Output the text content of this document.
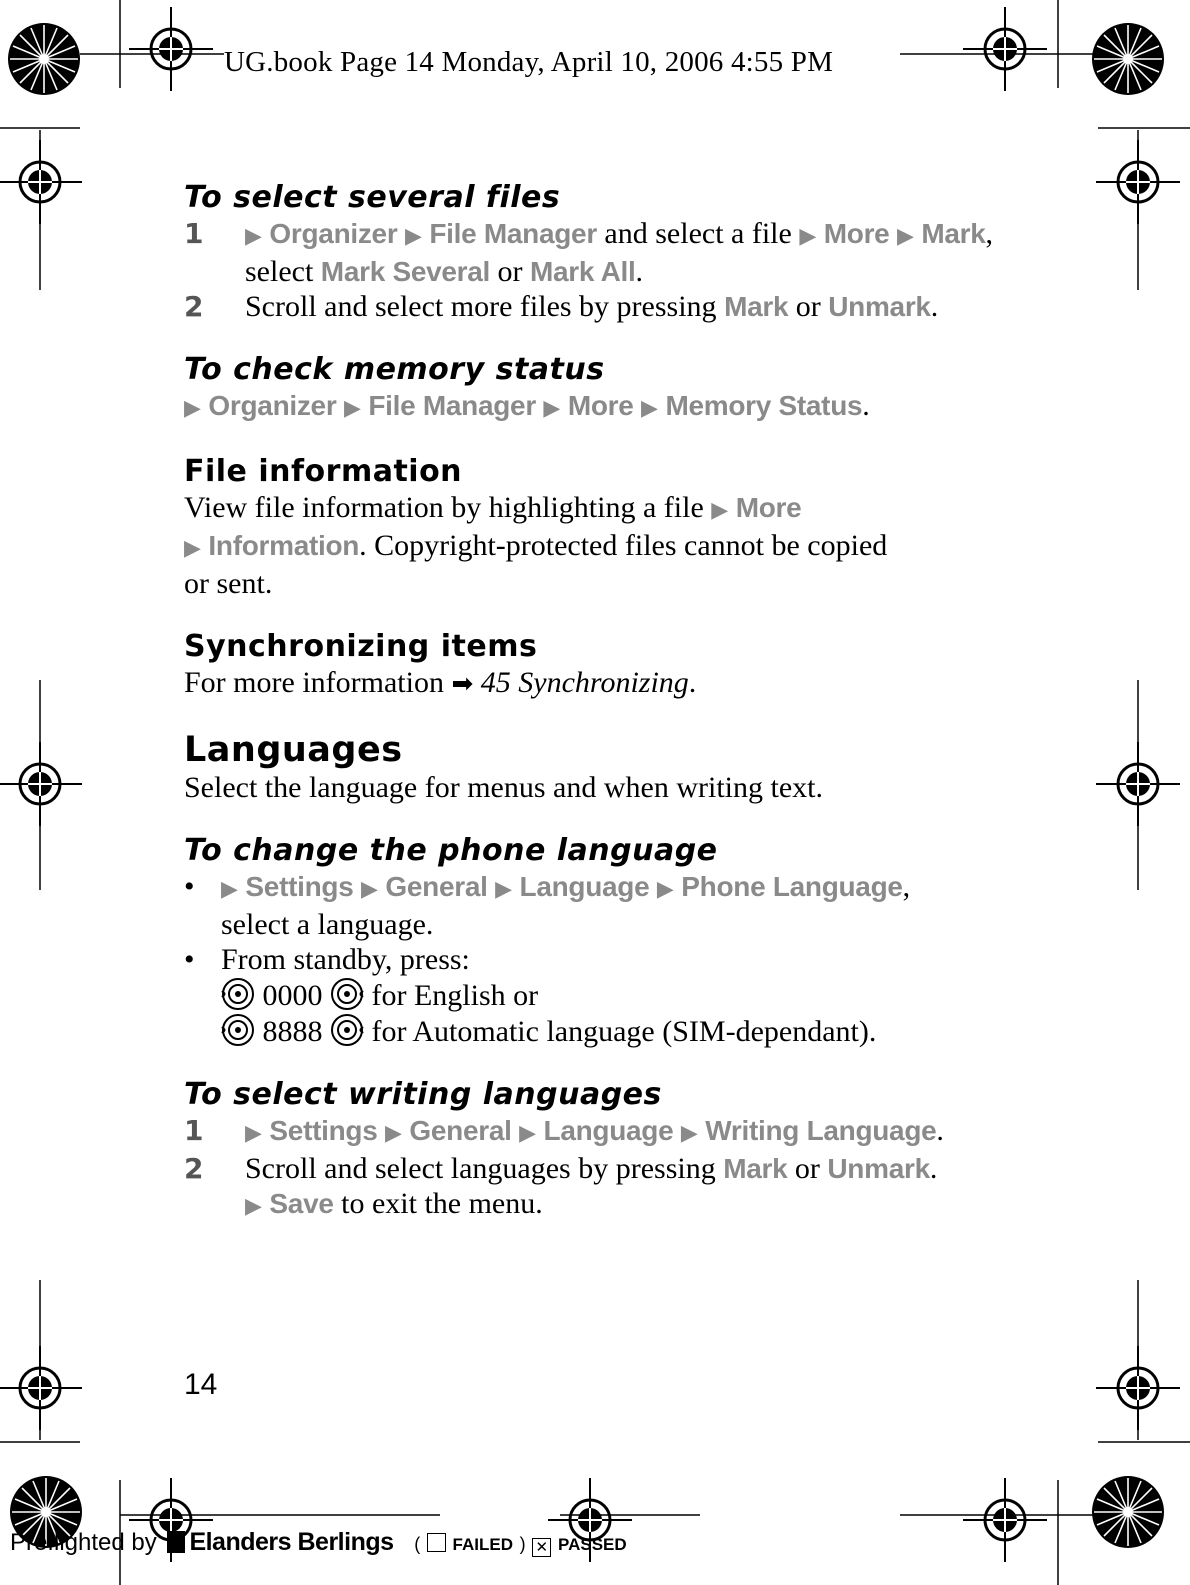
UG.book Page 14 Monday, April 10, 2006 4:55 PM
To select several files
1	▶ Organizer ▶ File Manager and select a file ▶ More ▶ Mark,
select Mark Several or Mark All.
2	Scroll and select more files by pressing Mark or Unmark.
To check memory status

▶ Organizer ▶ File Manager ▶ More ▶ Memory Status.

File information

View file information by highlighting a file ▶ More
▶ Information. Copyright-protected files cannot be copied
or sent.

Synchronizing items

For more information ➡ 45 Synchronizing.

Languages

Select the language for menus and when writing text.

To change the phone language
•	▶ Settings ▶ General ▶ Language ▶ Phone Language,
select a language.
• From standby, press:
0000  for English or
8888  for Automatic language (SIM-dependant).
To select writing languages
1	▶ Settings ▶ General ▶ Language ▶ Writing Language.
2	Scroll and select languages by pressing Mark or Unmark.
▶ Save to exit the menu.
14
Preflighted by Elanders Berlings ( FAILED ) ✕ PASSED
